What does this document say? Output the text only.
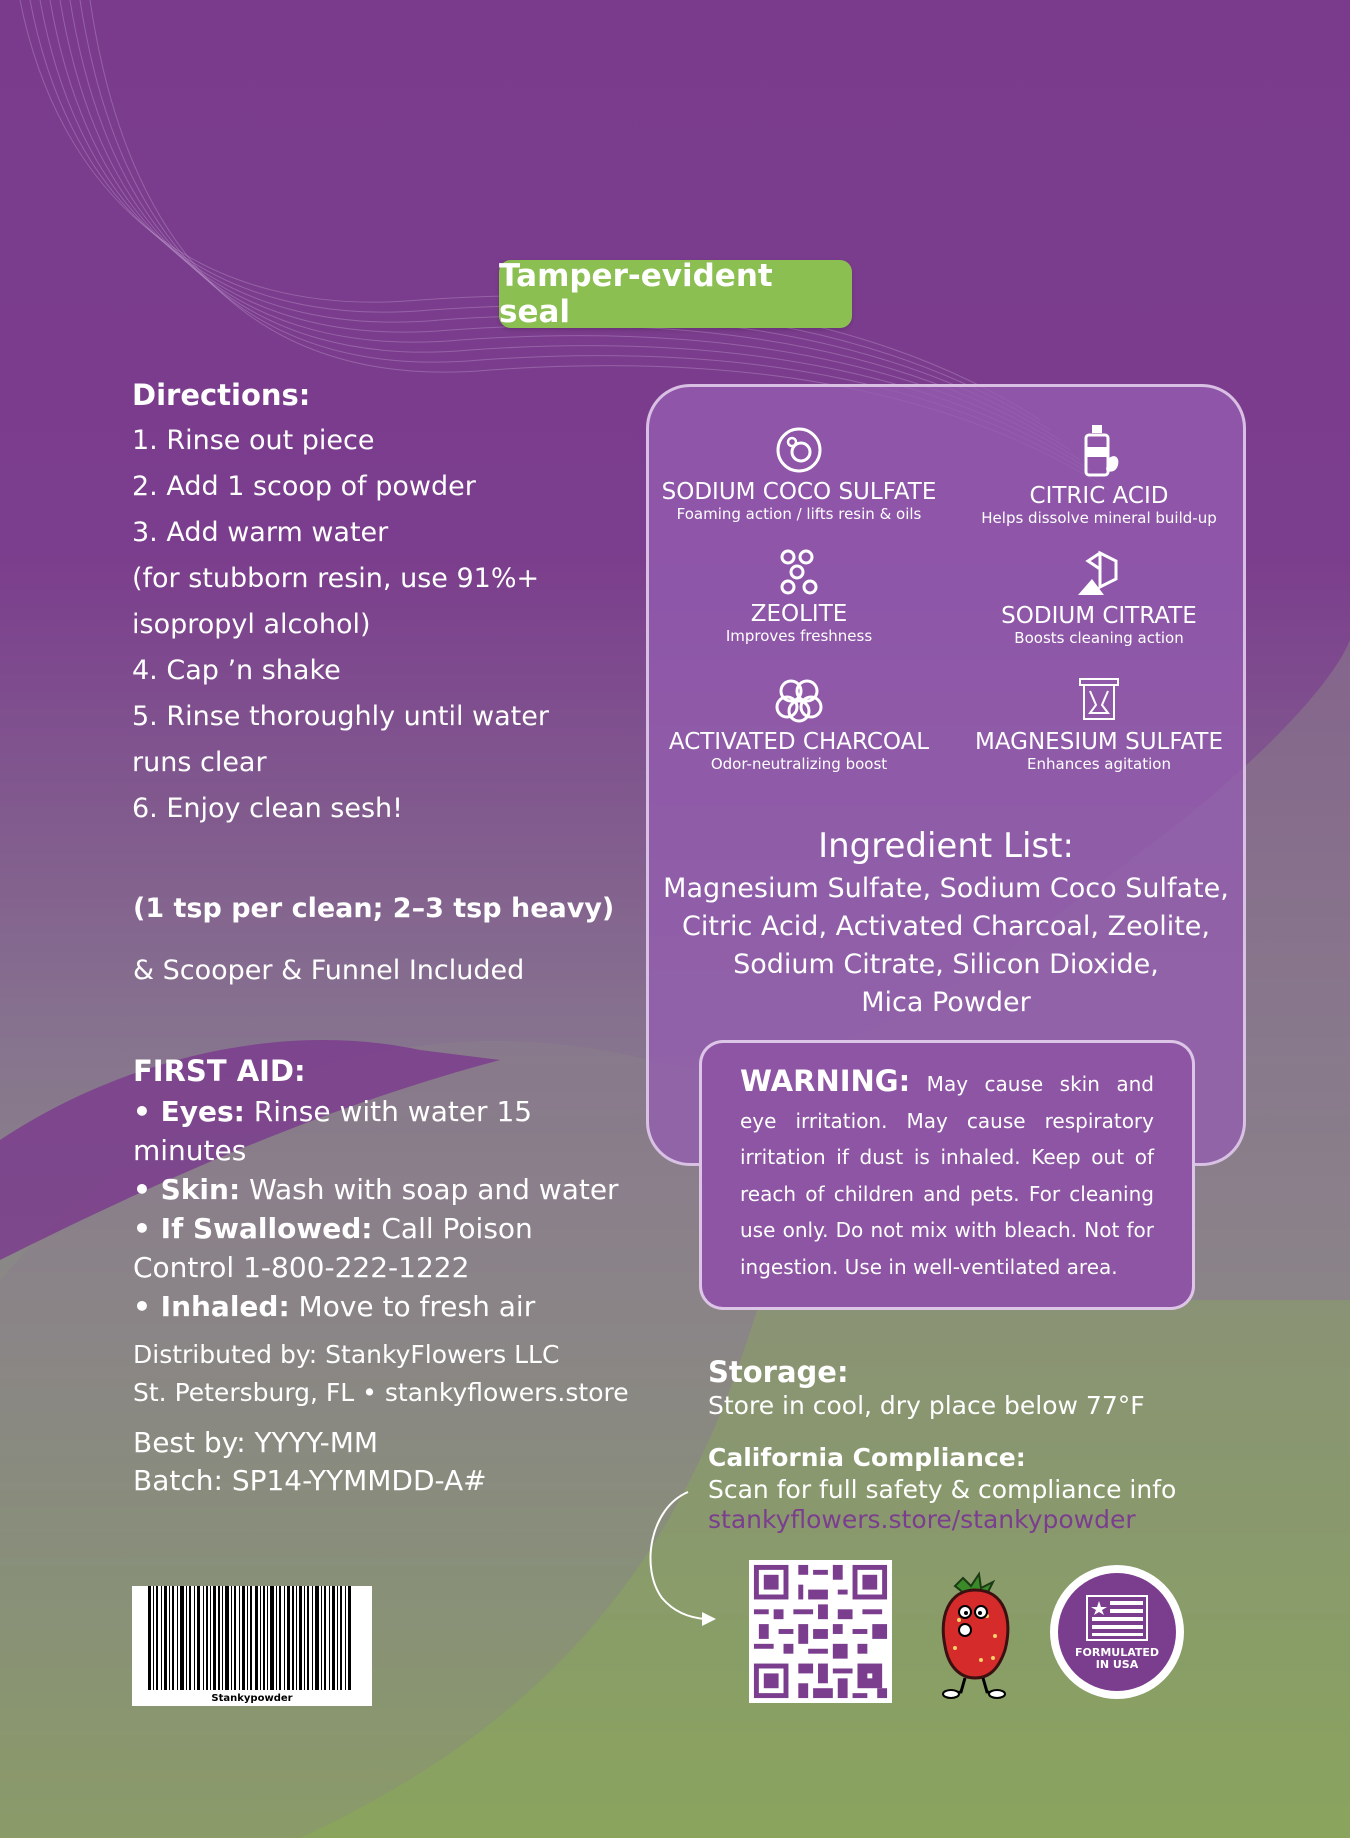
Tamper-evident seal
Directions:
1. Rinse out piece
2. Add 1 scoop of powder
3. Add warm water
(for stubborn resin, use 91%+
isopropyl alcohol)
4. Cap ’n shake
5. Rinse thoroughly until water
runs clear
6. Enjoy clean sesh!
(1 tsp per clean; 2–3 tsp heavy)
& Scooper & Funnel Included
FIRST AID:
• Eyes: Rinse with water 15 minutes
• Skin: Wash with soap and water
• If Swallowed: Call Poison
Control 1-800-222-1222
• Inhaled: Move to fresh air
Distributed by: StankyFlowers LLC
St. Petersburg, FL • stankyflowers.store
Best by: YYYY-MM
Batch: SP14-YYMMDD-A#
Stankypowder
SODIUM COCO SULFATE
Foaming action / lifts resin & oils
CITRIC ACID
Helps dissolve mineral build-up
ZEOLITE
Improves freshness
SODIUM CITRATE
Boosts cleaning action
ACTIVATED CHARCOAL
Odor-neutralizing boost
MAGNESIUM SULFATE
Enhances agitation
Ingredient List:
Magnesium Sulfate, Sodium Coco Sulfate,
Citric Acid, Activated Charcoal, Zeolite,
Sodium Citrate, Silicon Dioxide,
Mica Powder
WARNING: May cause skin and eye irritation. May cause respiratory irritation if dust is inhaled. Keep out of reach of children and pets. For cleaning use only. Do not mix with bleach. Not for ingestion. Use in well-ventilated area.
Storage:
Store in cool, dry place below 77°F
California Compliance:
Scan for full safety & compliance info
stankyflowers.store/stankypowder
FORMULATED
IN USA
